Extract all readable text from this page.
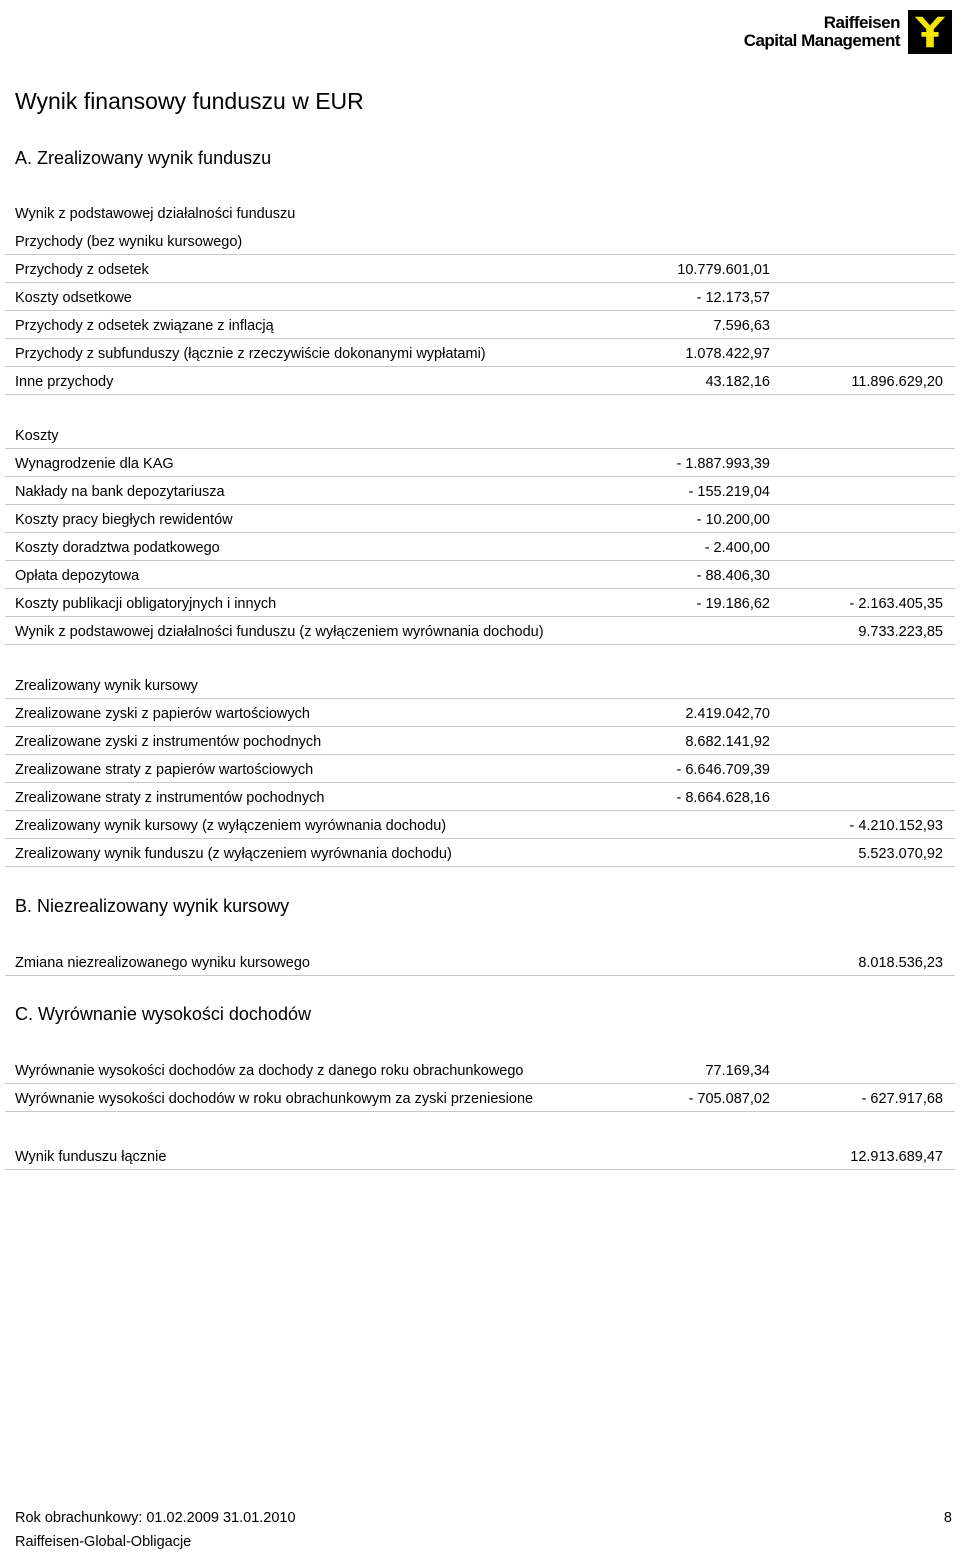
Raiffeisen
Capital Management
Wynik finansowy funduszu w EUR
A. Zrealizowany wynik funduszu
Wynik z podstawowej działalności funduszu
Przychody (bez wyniku kursowego)
Przychody z odsetek	10.779.601,01
Koszty odsetkowe	- 12.173,57
Przychody z odsetek związane z inflacją	7.596,63
Przychody z subfunduszy (łącznie z rzeczywiście dokonanymi wypłatami)	1.078.422,97
Inne przychody	43.182,16	11.896.629,20
Koszty
Wynagrodzenie dla KAG	- 1.887.993,39
Nakłady na bank depozytariusza	- 155.219,04
Koszty pracy biegłych rewidentów	- 10.200,00
Koszty doradztwa podatkowego	- 2.400,00
Opłata depozytowa	- 88.406,30
Koszty publikacji obligatoryjnych i innych	- 19.186,62	- 2.163.405,35
Wynik z podstawowej działalności funduszu (z wyłączeniem wyrównania dochodu)	9.733.223,85
Zrealizowany wynik kursowy
Zrealizowane zyski z papierów wartościowych	2.419.042,70
Zrealizowane zyski z instrumentów pochodnych	8.682.141,92
Zrealizowane straty z papierów wartościowych	- 6.646.709,39
Zrealizowane straty z instrumentów pochodnych	- 8.664.628,16
Zrealizowany wynik kursowy (z wyłączeniem wyrównania dochodu)	- 4.210.152,93
Zrealizowany wynik funduszu (z wyłączeniem wyrównania dochodu)	5.523.070,92
B. Niezrealizowany wynik kursowy
Zmiana niezrealizowanego wyniku kursowego	8.018.536,23
C. Wyrównanie wysokości dochodów
Wyrównanie wysokości dochodów za dochody z danego roku obrachunkowego	77.169,34
Wyrównanie wysokości dochodów w roku obrachunkowym za zyski przeniesione	- 705.087,02	- 627.917,68
Wynik funduszu łącznie	12.913.689,47
Rok obrachunkowy: 01.02.2009 31.01.2010	8
Raiffeisen-Global-Obligacje
